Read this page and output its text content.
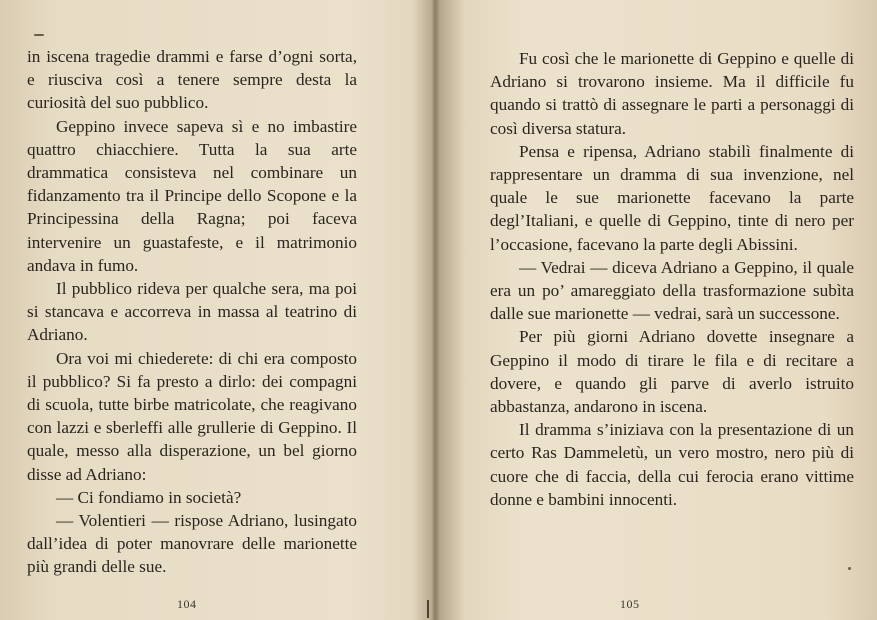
in iscena tragedie drammi e farse d’ogni sorta, e riusciva così a tenere sempre desta la curiosità del suo pubblico.

Geppino invece sapeva sì e no imbastire quattro chiacchiere. Tutta la sua arte drammatica consisteva nel combinare un fidanzamento tra il Principe dello Scopone e la Principessina della Ragna; poi faceva intervenire un guastafeste, e il matrimonio andava in fumo.

Il pubblico rideva per qualche sera, ma poi si stancava e accorreva in massa al teatrino di Adriano.

Ora voi mi chiederete: di chi era composto il pubblico? Si fa presto a dirlo: dei compagni di scuola, tutte birbe matricolate, che reagivano con lazzi e sberleffi alle grullerie di Geppino. Il quale, messo alla disperazione, un bel giorno disse ad Adriano:

— Ci fondiamo in società?

— Volentieri — rispose Adriano, lusingato dall’idea di poter manovrare delle marionette più grandi delle sue.

104

Fu così che le marionette di Geppino e quelle di Adriano si trovarono insieme. Ma il difficile fu quando si trattò di assegnare le parti a personaggi di così diversa statura.

Pensa e ripensa, Adriano stabilì finalmente di rappresentare un dramma di sua invenzione, nel quale le sue marionette facevano la parte degl’Italiani, e quelle di Geppino, tinte di nero per l’occasione, facevano la parte degli Abissini.

— Vedrai — diceva Adriano a Geppino, il quale era un po’ amareggiato della trasformazione subìta dalle sue marionette — vedrai, sarà un successone.

Per più giorni Adriano dovette insegnare a Geppino il modo di tirare le fila e di recitare a dovere, e quando gli parve di averlo istruito abbastanza, andarono in iscena.

Il dramma s’iniziava con la presentazione di un certo Ras Dammeletù, un vero mostro, nero più di cuore che di faccia, della cui ferocia erano vittime donne e bambini innocenti.

105
